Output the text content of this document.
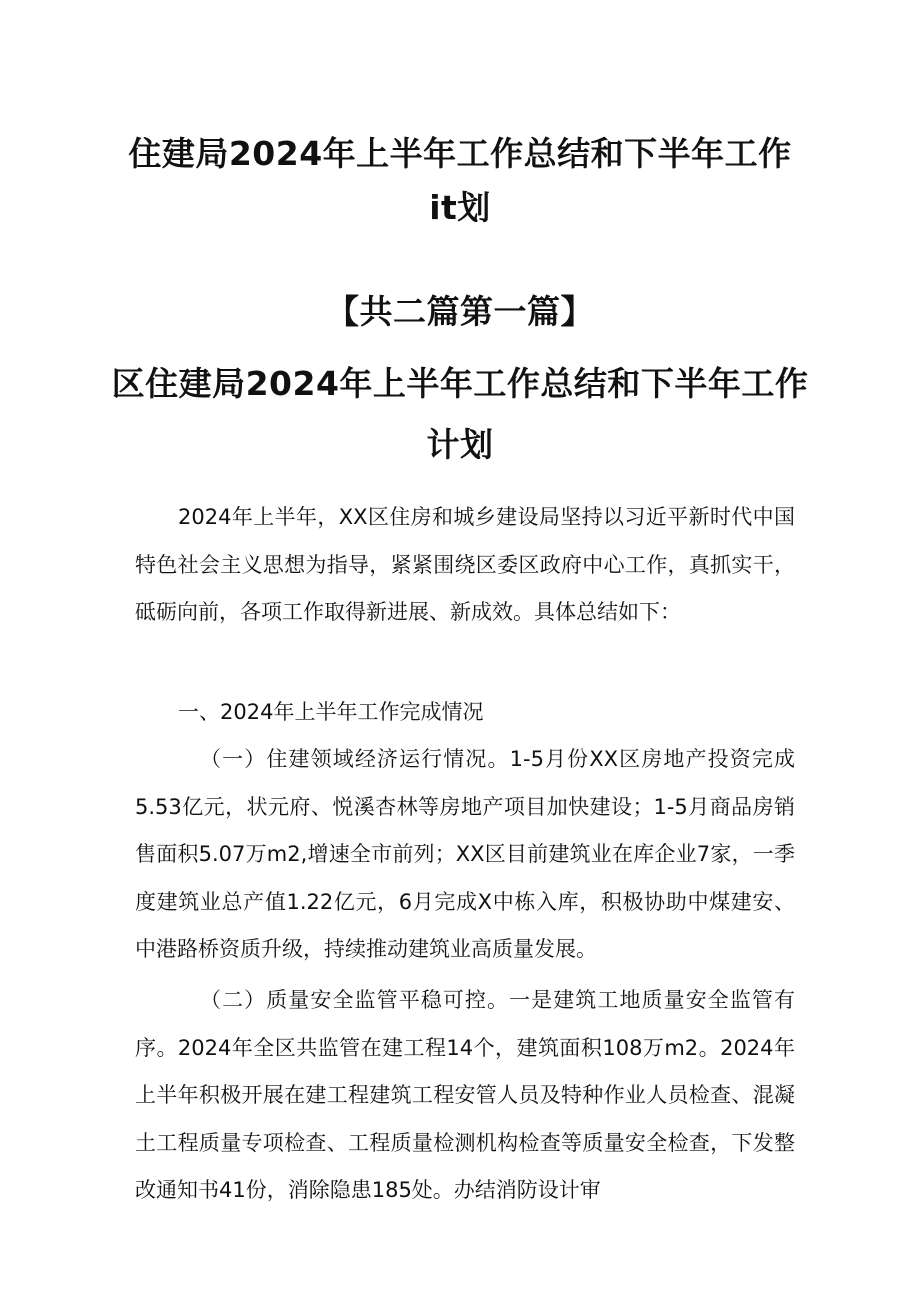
住建局2024年上半年工作总结和下半年工作
it划
【共二篇第一篇】
区住建局2024年上半年工作总结和下半年工作
计划

2024年上半年，XX区住房和城乡建设局坚持以习近平新时代中国特色社会主义思想为指导，紧紧围绕区委区政府中心工作，真抓实干，砥砺向前，各项工作取得新进展、新成效。具体总结如下：

一、2024年上半年工作完成情况

（一）住建领域经济运行情况。1-5月份XX区房地产投资完成5.53亿元，状元府、悦溪杏林等房地产项目加快建设；1-5月商品房销售面积5.07万m2,增速全市前列；XX区目前建筑业在库企业7家，一季度建筑业总产值1.22亿元，6月完成X中栋入库，积极协助中煤建安、中港路桥资质升级，持续推动建筑业高质量发展。

（二）质量安全监管平稳可控。一是建筑工地质量安全监管有序。2024年全区共监管在建工程14个，建筑面积108万m2。2024年上半年积极开展在建工程建筑工程安管人员及特种作业人员检查、混凝土工程质量专项检查、工程质量检测机构检查等质量安全检查，下发整改通知书41份，消除隐患185处。办结消防设计审
